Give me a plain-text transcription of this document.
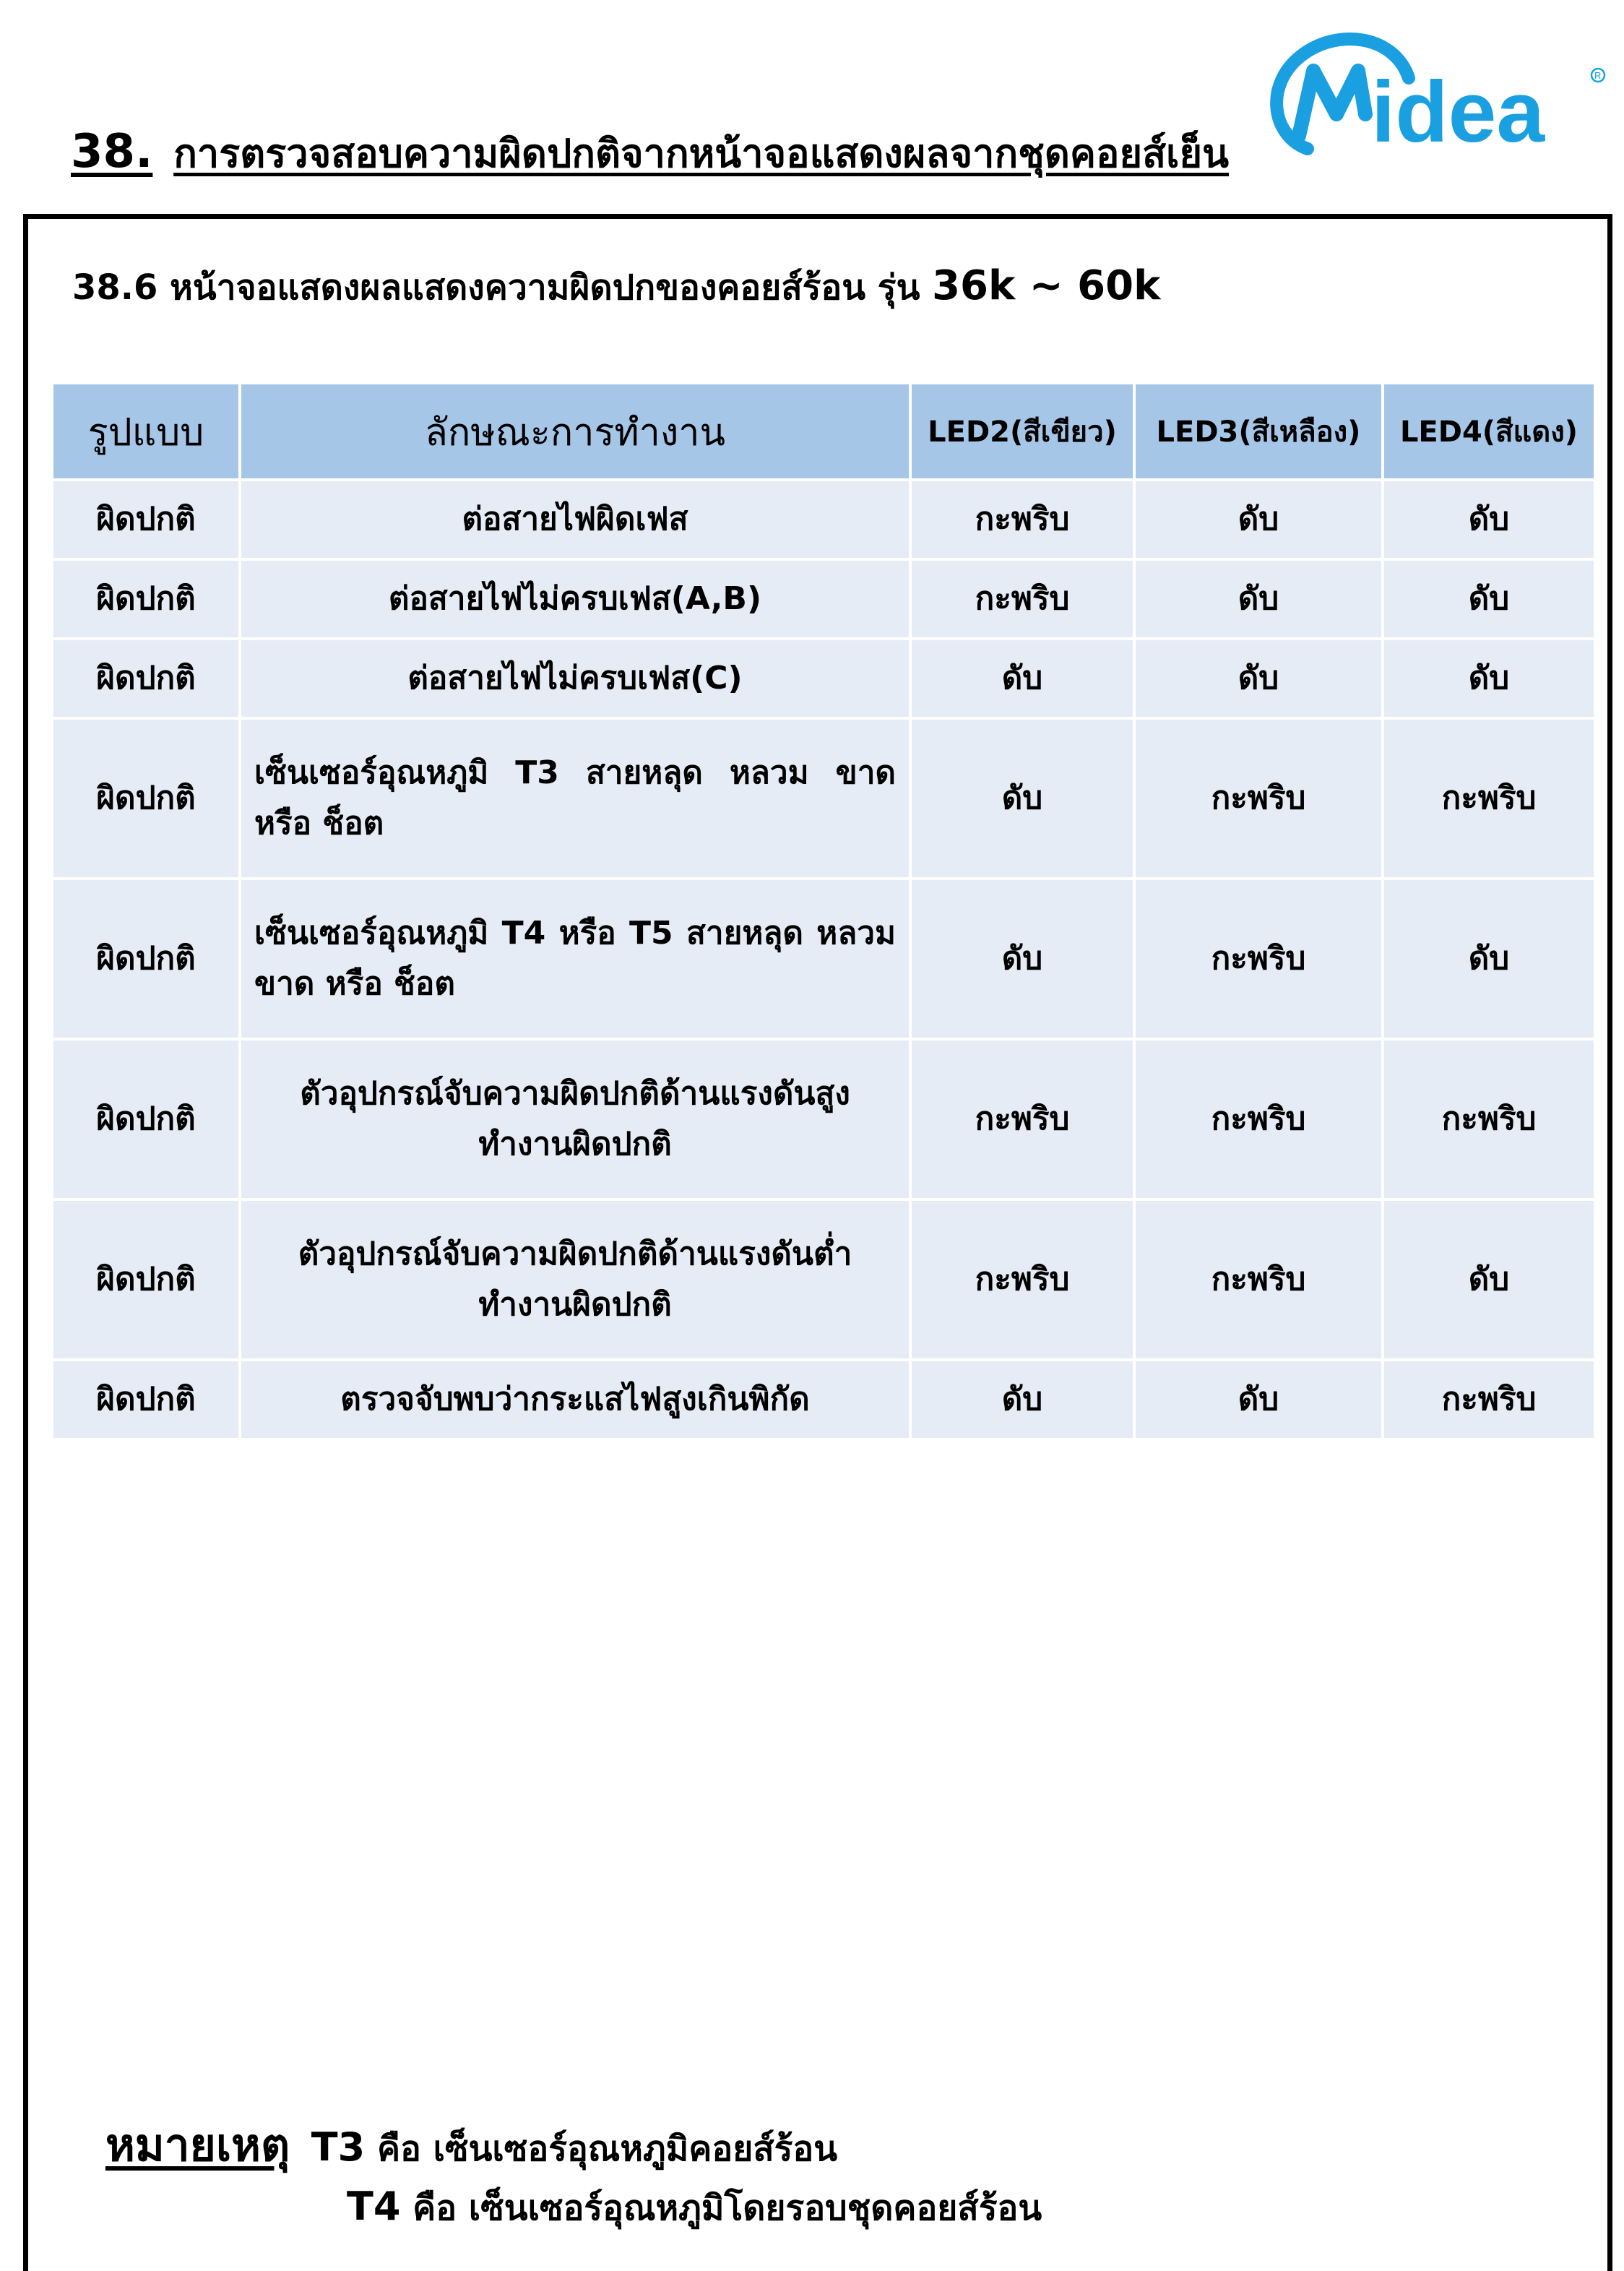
idea	R
38. การตรวจสอบความผิดปกติจากหน้าจอแสดงผลจากชุดคอยส์เย็น
38.6 หน้าจอแสดงผลแสดงความผิดปกของคอยส์ร้อน รุ่น 36k ~ 60k
รูปแบบ	ลักษณะการทำงาน	LED2(สีเขียว)	LED3(สีเหลือง)	LED4(สีแดง)
ผิดปกติ	ต่อสายไฟผิดเฟส	กะพริบ	ดับ	ดับ
ผิดปกติ	ต่อสายไฟไม่ครบเฟส(A,B)	กะพริบ	ดับ	ดับ
ผิดปกติ	ต่อสายไฟไม่ครบเฟส(C)	ดับ	ดับ	ดับ
ผิดปกติ	เซ็นเซอร์อุณหภูมิ T3 สายหลุด หลวม ขาด หรือ ช็อต	ดับ	กะพริบ	กะพริบ
ผิดปกติ	เซ็นเซอร์อุณหภูมิ T4 หรือ T5 สายหลุด หลวม ขาด หรือ ช็อต	ดับ	กะพริบ	ดับ
ผิดปกติ	ตัวอุปกรณ์จับความผิดปกติด้านแรงดันสูง ทำงานผิดปกติ	กะพริบ	กะพริบ	กะพริบ
ผิดปกติ	ตัวอุปกรณ์จับความผิดปกติด้านแรงดันต่ำ ทำงานผิดปกติ	กะพริบ	กะพริบ	ดับ
ผิดปกติ	ตรวจจับพบว่ากระแสไฟสูงเกินพิกัด	ดับ	ดับ	กะพริบ
หมายเหตุ T3 คือ เซ็นเซอร์อุณหภูมิคอยส์ร้อน
T4 คือ เซ็นเซอร์อุณหภูมิโดยรอบชุดคอยส์ร้อน
